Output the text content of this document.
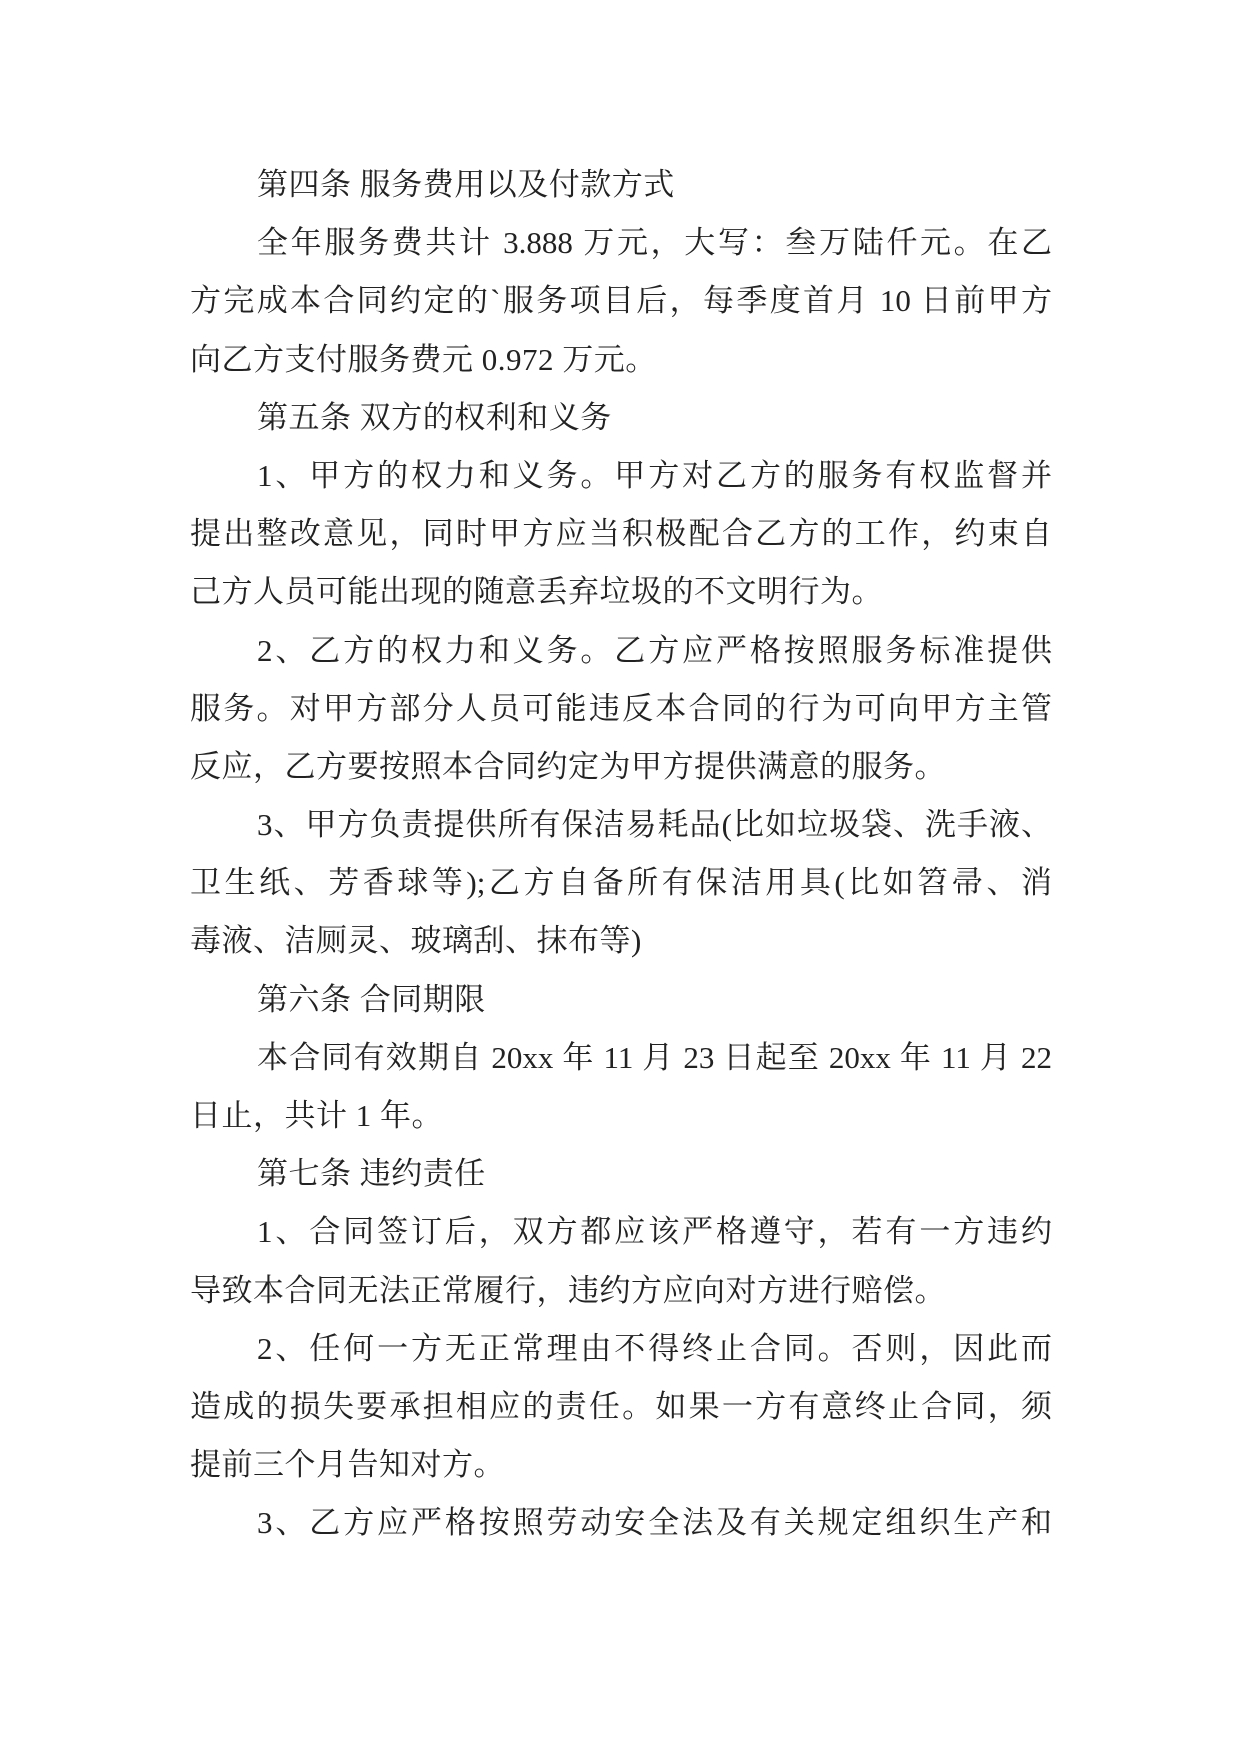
第四条 服务费用以及付款方式
全年服务费共计 3.888 万元，大写：叁万陆仟元。在乙
方完成本合同约定的`服务项目后，每季度首月 10 日前甲方
向乙方支付服务费元 0.972 万元。
第五条 双方的权利和义务
1、甲方的权力和义务。甲方对乙方的服务有权监督并
提出整改意见，同时甲方应当积极配合乙方的工作，约束自
己方人员可能出现的随意丢弃垃圾的不文明行为。
2、乙方的权力和义务。乙方应严格按照服务标准提供
服务。对甲方部分人员可能违反本合同的行为可向甲方主管
反应，乙方要按照本合同约定为甲方提供满意的服务。
3、甲方负责提供所有保洁易耗品(比如垃圾袋、洗手液、
卫生纸、芳香球等);乙方自备所有保洁用具(比如笤帚、消
毒液、洁厕灵、玻璃刮、抹布等)
第六条 合同期限
本合同有效期自 20xx 年 11 月 23 日起至 20xx 年 11 月 22
日止，共计 1 年。
第七条 违约责任
1、合同签订后，双方都应该严格遵守，若有一方违约
导致本合同无法正常履行，违约方应向对方进行赔偿。
2、任何一方无正常理由不得终止合同。否则，因此而
造成的损失要承担相应的责任。如果一方有意终止合同，须
提前三个月告知对方。
3、乙方应严格按照劳动安全法及有关规定组织生产和
